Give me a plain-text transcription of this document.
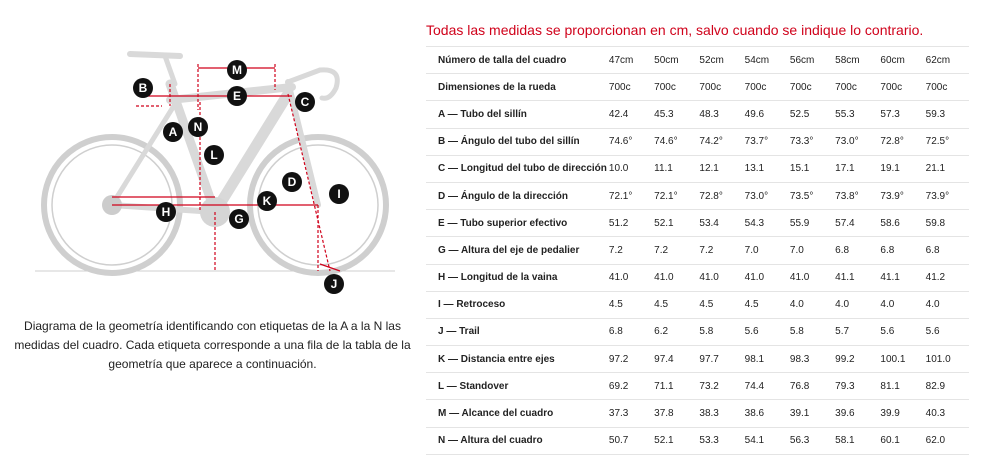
M
B
E	C
A N
L
D
I
K
H	G
J
Diagrama de la geometría identificando con etiquetas de la A a la N las medidas del cuadro. Cada etiqueta corresponde a una fila de la tabla de la geometría que aparece a continuación.
Todas las medidas se proporcionan en cm, salvo cuando se indique lo contrario.
Número de talla del cuadro	47cm	50cm	52cm	54cm	56cm	58cm	60cm	62cm
Dimensiones de la rueda	700c	700c	700c	700c	700c	700c	700c	700c
A — Tubo del sillín	42.4	45.3	48.3	49.6	52.5	55.3	57.3	59.3
B — Ángulo del tubo del sillín	74.6°	74.6°	74.2°	73.7°	73.3°	73.0°	72.8°	72.5°
C — Longitud del tubo de dirección	10.0	11.1	12.1	13.1	15.1	17.1	19.1	21.1
D — Ángulo de la dirección	72.1°	72.1°	72.8°	73.0°	73.5°	73.8°	73.9°	73.9°
E — Tubo superior efectivo	51.2	52.1	53.4	54.3	55.9	57.4	58.6	59.8
G — Altura del eje de pedalier	7.2	7.2	7.2	7.0	7.0	6.8	6.8	6.8
H — Longitud de la vaina	41.0	41.0	41.0	41.0	41.0	41.1	41.1	41.2
I — Retroceso	4.5	4.5	4.5	4.5	4.0	4.0	4.0	4.0
J — Trail	6.8	6.2	5.8	5.6	5.8	5.7	5.6	5.6
K — Distancia entre ejes	97.2	97.4	97.7	98.1	98.3	99.2	100.1	101.0
L — Standover	69.2	71.1	73.2	74.4	76.8	79.3	81.1	82.9
M — Alcance del cuadro	37.3	37.8	38.3	38.6	39.1	39.6	39.9	40.3
N — Altura del cuadro	50.7	52.1	53.3	54.1	56.3	58.1	60.1	62.0
